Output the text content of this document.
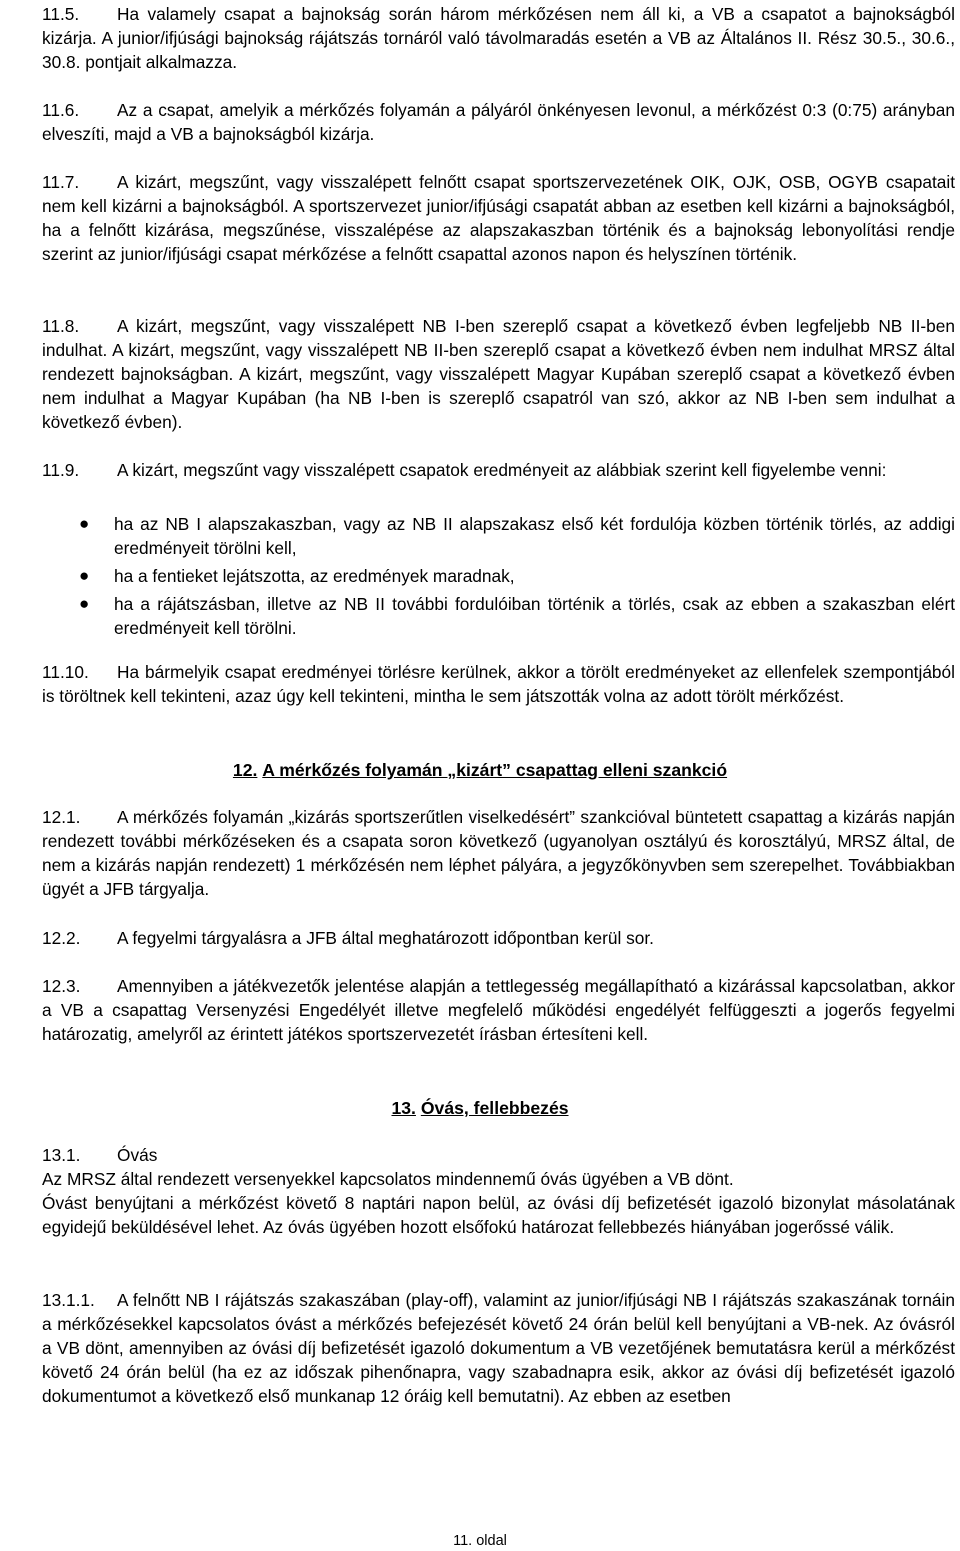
11.5. Ha valamely csapat a bajnokság során három mérkőzésen nem áll ki, a VB a csapatot a bajnokságból kizárja. A junior/ifjúsági bajnokság rájátszás tornáról való távolmaradás esetén a VB az Általános II. Rész 30.5., 30.6., 30.8. pontjait alkalmazza.
11.6. Az a csapat, amelyik a mérkőzés folyamán a pályáról önkényesen levonul, a mérkőzést 0:3 (0:75) arányban elveszíti, majd a VB a bajnokságból kizárja.
11.7. A kizárt, megszűnt, vagy visszalépett felnőtt csapat sportszervezetének OIK, OJK, OSB, OGYB csapatait nem kell kizárni a bajnokságból. A sportszervezet junior/ifjúsági csapatát abban az esetben kell kizárni a bajnokságból, ha a felnőtt kizárása, megszűnése, visszalépése az alapszakaszban történik és a bajnokság lebonyolítási rendje szerint az junior/ifjúsági csapat mérkőzése a felnőtt csapattal azonos napon és helyszínen történik.
11.8. A kizárt, megszűnt, vagy visszalépett NB I-ben szereplő csapat a következő évben legfeljebb NB II-ben indulhat. A kizárt, megszűnt, vagy visszalépett NB II-ben szereplő csapat a következő évben nem indulhat MRSZ által rendezett bajnokságban. A kizárt, megszűnt, vagy visszalépett Magyar Kupában szereplő csapat a következő évben nem indulhat a Magyar Kupában (ha NB I-ben is szereplő csapatról van szó, akkor az NB I-ben sem indulhat a következő évben).
11.9. A kizárt, megszűnt vagy visszalépett csapatok eredményeit az alábbiak szerint kell figyelembe venni:
● ha az NB I alapszakaszban, vagy az NB II alapszakasz első két fordulója közben történik törlés, az addigi eredményeit törölni kell,
● ha a fentieket lejátszotta, az eredmények maradnak,
● ha a rájátszásban, illetve az NB II további fordulóiban történik a törlés, csak az ebben a szakaszban elért eredményeit kell törölni.
11.10. Ha bármelyik csapat eredményei törlésre kerülnek, akkor a törölt eredményeket az ellenfelek szempontjából is töröltnek kell tekinteni, azaz úgy kell tekinteni, mintha le sem játszották volna az adott törölt mérkőzést.
12. A mérkőzés folyamán „kizárt” csapattag elleni szankció
12.1. A mérkőzés folyamán „kizárás sportszerűtlen viselkedésért” szankcióval büntetett csapattag a kizárás napján rendezett további mérkőzéseken és a csapata soron következő (ugyanolyan osztályú és korosztályú, MRSZ által, de nem a kizárás napján rendezett) 1 mérkőzésén nem léphet pályára, a jegyzőkönyvben sem szerepelhet. Továbbiakban ügyét a JFB tárgyalja.
12.2. A fegyelmi tárgyalásra a JFB által meghatározott időpontban kerül sor.
12.3. Amennyiben a játékvezetők jelentése alapján a tettlegesség megállapítható a kizárással kapcsolatban, akkor a VB a csapattag Versenyzési Engedélyét illetve megfelelő működési engedélyét felfüggeszti a jogerős fegyelmi határozatig, amelyről az érintett játékos sportszervezetét írásban értesíteni kell.
13. Óvás, fellebbezés
13.1. Óvás
Az MRSZ által rendezett versenyekkel kapcsolatos mindennemű óvás ügyében a VB dönt.
Óvást benyújtani a mérkőzést követő 8 naptári napon belül, az óvási díj befizetését igazoló bizonylat másolatának egyidejű beküldésével lehet. Az óvás ügyében hozott elsőfokú határozat fellebbezés hiányában jogerőssé válik.
13.1.1. A felnőtt NB I rájátszás szakaszában (play-off), valamint az junior/ifjúsági NB I rájátszás szakaszának tornáin a mérkőzésekkel kapcsolatos óvást a mérkőzés befejezését követő 24 órán belül kell benyújtani a VB-nek. Az óvásról a VB dönt, amennyiben az óvási díj befizetését igazoló dokumentum a VB vezetőjének bemutatásra kerül a mérkőzést követő 24 órán belül (ha ez az időszak pihenőnapra, vagy szabadnapra esik, akkor az óvási díj befizetését igazoló dokumentumot a következő első munkanap 12 óráig kell bemutatni). Az ebben az esetben
11. oldal
